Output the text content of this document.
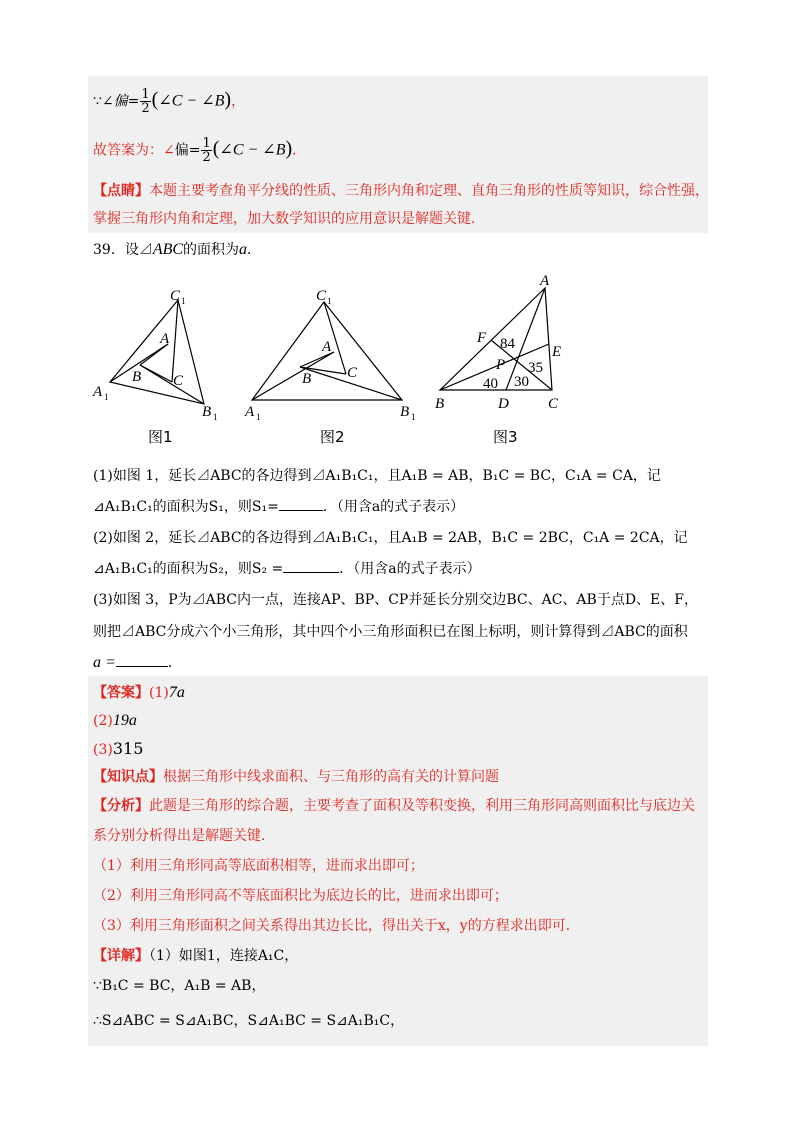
∵∠偏= $\frac{1}{2}$ (∠C − ∠B)，
故答案为：∠偏= $\frac{1}{2}$ (∠C − ∠B)．
【点睛】本题主要考查角平分线的性质、三角形内角和定理、直角三角形的性质等知识，综合性强，
掌握三角形内角和定理，加大数学知识的应用意识是解题关键．
39．设⊿ABC的面积为a．
C 1
A
B C
A 1
B 1
图1
C 1
A
B C
A 1	B 1
图2
A
F
E
P
B	D	C
84
40 30
35
图3
(1)如图 1，延长⊿ABC的各边得到⊿A₁B₁C₁，且A₁B = AB，B₁C = BC，C₁A = CA，记
⊿A₁B₁C₁的面积为S₁，则S₁=	．（用含a的式子表示）
(2)如图 2，延长⊿ABC的各边得到⊿A₁B₁C₁，且A₁B = 2AB，B₁C = 2BC，C₁A = 2CA，记
⊿A₁B₁C₁的面积为S₂，则S₂ =	．（用含a的式子表示）
(3)如图 3，P为⊿ABC内一点，连接AP、BP、CP并延长分别交边BC、AC、AB于点D、E、F，
则把⊿ABC分成六个小三角形，其中四个小三角形面积已在图上标明，则计算得到⊿ABC的面积
a =	．
【答案】(1)7a
(2)19a
(3)315
【知识点】根据三角形中线求面积、与三角形的高有关的计算问题
【分析】此题是三角形的综合题，主要考查了面积及等积变换，利用三角形同高则面积比与底边关
系分别分析得出是解题关键．
（1）利用三角形同高等底面积相等，进而求出即可；
（2）利用三角形同高不等底面积比为底边长的比，进而求出即可；
（3）利用三角形面积之间关系得出其边长比，得出关于x，y的方程求出即可．
【详解】（1）如图1，连接A₁C，
∵B₁C = BC，A₁B = AB，
∴S⊿ABC = S⊿A₁BC，S⊿A₁BC = S⊿A₁B₁C，
